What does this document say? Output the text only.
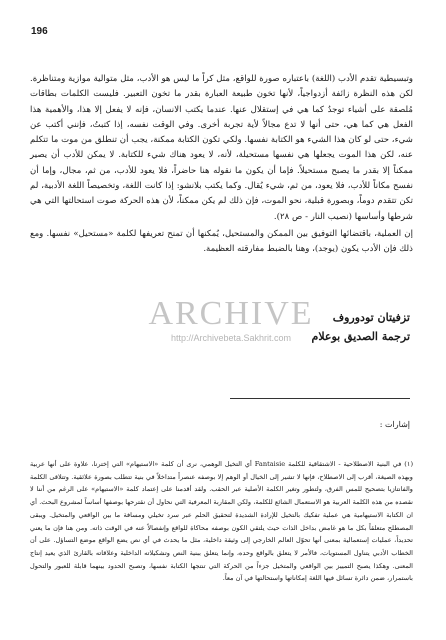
196

وتبسيطية تقدم الأدب (اللغة) باعتباره صورة للواقع، مثل كراً ما ليس هو الأدب، مثل متوالية موازية ومتناظرة. لكن هذه النظرة زائفة أزدواجياً، لأنها تخون طبيعة العبارة بقدر ما تخون التعبير. فليست الكلمات بطاقات مُلصقة على أشياء توجدُ كما هي في إستقلال عنها. عندما يكتب الانسان، فإنه لا يفعل إلا هذا، والأهمية هذا الفعل هي كما هي، حتى أنها لا تدع مجالاً لأية تجربة أخرى. وفي الوقت نفسه، إذا كتبتُ، فإنني أكتب عن شيء، حتى لو كان هذا الشيء هو الكتابة نفسها. ولكي تكون الكتابة ممكنة، يجب أن تنطلق من موت ما تتكلم عنه، لكن هذا الموت يجعلها هي نفسها مستحيلة، لأنه، لا يعود هناك شيء للكتابة. لا يمكن للأدب أن يصير ممكناً إلا بقدر ما يصبح مستحيلاً. فإما أن يكون ما نقوله هنا حاضراً، فلا يعود للأدب، من ثم، مجال، وإما أن نفسح مكاناً للأدب، فلا يعود، من ثم، شيء يُقال. وكما يكتب بلانشو: إذا كانت اللغة، وتخصيصاً اللغة الأدبية، لم تكن تتقدم دوماً، وبصورة قبلية، نحو الموت، فإن ذلك لم يكن ممكناً، لأن هذه الحركة صوت استحالتها التي هي شرطها وأساسها (نصيب النار - ص ٢٨).

إن العملية، باقتضائها التوفيق بين الممكن والمستحيل، يُمكنها أن تمنح تعريفها لكلمة «مستحيل» نفسها. ومع ذلك فإن الأدب يكون (يوجد)، وهنا بالضبط مفارقته العظيمة.

ARCHIVE
http://Archivebeta.Sakhrit.com
تزفيتان تودوروف
ترجمة الصديق بوعلام
إشارات :
(١) في البنية الاصطلاحية - الاشتقاقية للكلمة Fantaisie أي التخيل الوهمي، نرى أن كلمة «الاستيهام» التي إخترنا، علاوة على أنها عربية وبهذه الصيغة، أقرب إلى الاصطلاح، فإنها لا تشير إلى الخيال أو الوهم إلا بوصفه عنصراً متداخلاً في بنية تتطلب بصورة علائقية. وتتلاقى الكلمة والفانتازيا بتصحيح للمس الفرق، ولتطور وتغير الكلمة الأصلية عبر الحقب. ولقد أقدمنا على إعتماد كلمة «الاستيهام» على الرغم من أننا لا نقصده من هذه الكلمة العربية هو الاستعمال الشائع للكلمة، ولكن المقاربة المعرفية التي نحاول أن نقترحها بوصفها أساساً لمشروع البحث. أي ان الكتابة الاستيهامية هي عملية تفكيك بالتخيل للإرادة الشديدة لتحقيق الحلم عبر سرد تخيلي ومسافة ما بين الواقعي والمتخيل. ويبقى المصطلح متعلقاً بكل ما هو غامض بداخل الذات حيث يلتقي الكون بوصفه محاكاة للواقع وإنفصالاً عنه في الوقت ذاته. ومن هنا فإن ما يعني تحديداً، عمليات إستعمالية بمعنى أنها تحوّل العالم الخارجي إلى وثيقة داخلية، مثل ما يحدث في أي نص يضع الواقع موضع التساؤل. على أن الخطاب الأدبي يتناول المستويات، فالأمر لا يتعلق بالواقع وحده، وإنما يتعلق ببنية النص وتشكيلاته الداخلية وعلاقاته بالقارئ الذي يعيد إنتاج المعنى. وهكذا يصبح التمييز بين الواقعي والمتخيل جزءاً من الحركة التي تنتجها الكتابة نفسها، وتصبح الحدود بينهما قابلة للعبور والتحول باستمرار، ضمن دائرة تسائل فيها اللغة إمكاناتها واستحالتها في آن معاً.
